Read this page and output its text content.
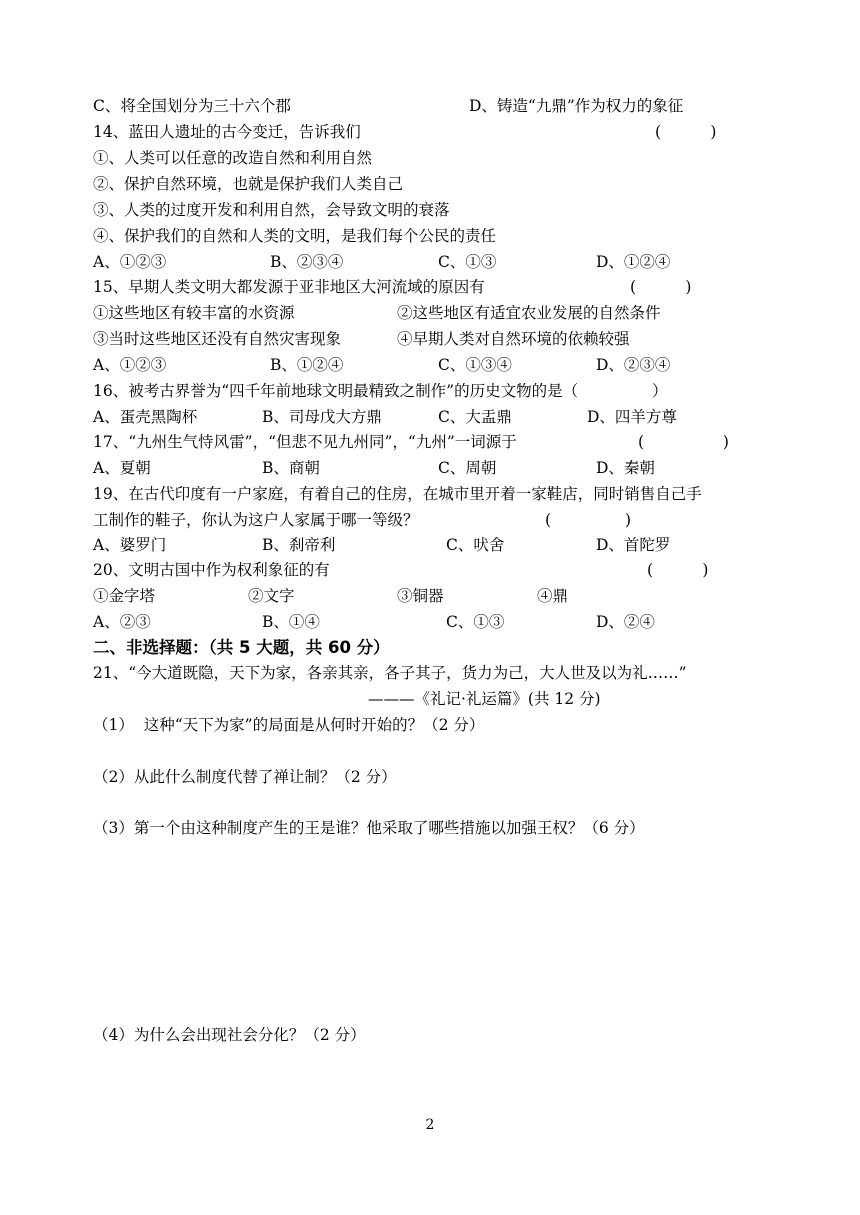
C、将全国划分为三十六个郡	D、铸造“九鼎”作为权力的象征
14、蓝田人遗址的古今变迁，告诉我们	(          )
①、人类可以任意的改造自然和利用自然
②、保护自然环境，也就是保护我们人类自己
③、人类的过度开发和利用自然，会导致文明的衰落
④、保护我们的自然和人类的文明，是我们每个公民的责任
A、①②③	B、②③④	C、①③	D、①②④
15、早期人类文明大都发源于亚非地区大河流域的原因有	(          )
①这些地区有较丰富的水资源	②这些地区有适宜农业发展的自然条件
③当时这些地区还没有自然灾害现象	④早期人类对自然环境的依赖较强
A、①②③	B、①②④	C、①③④	D、②③④
16、被考古界誉为“四千年前地球文明最精致之制作”的历史文物的是（               ）
A、蛋壳黑陶杯	B、司母戊大方鼎	C、大盂鼎	D、四羊方尊
17、“九州生气恃风雷”，“但悲不见九州同”，“九州”一词源于	(                )
A、夏朝	B、商朝	C、周朝	D、秦朝
19、在古代印度有一户家庭，有着自己的住房，在城市里开着一家鞋店，同时销售自己手
工制作的鞋子，你认为这户人家属于哪一等级？	(               )
A、婆罗门	B、刹帝利	C、吠舍	D、首陀罗
20、文明古国中作为权利象征的有	(          )
①金字塔	②文字	③铜器	④鼎
A、②③	B、①④	C、①③	D、②④
二、非选择题：（共 5 大题，共 60 分）
21、“今大道既隐，天下为家，各亲其亲，各子其子，货力为己，大人世及以为礼……”
———《礼记·礼运篇》(共 12 分)
（1）  这种“天下为家”的局面是从何时开始的？（2 分）
（2）从此什么制度代替了禅让制？（2 分）
（3）第一个由这种制度产生的王是谁？他采取了哪些措施以加强王权？（6 分）
（4）为什么会出现社会分化？（2 分）
2
